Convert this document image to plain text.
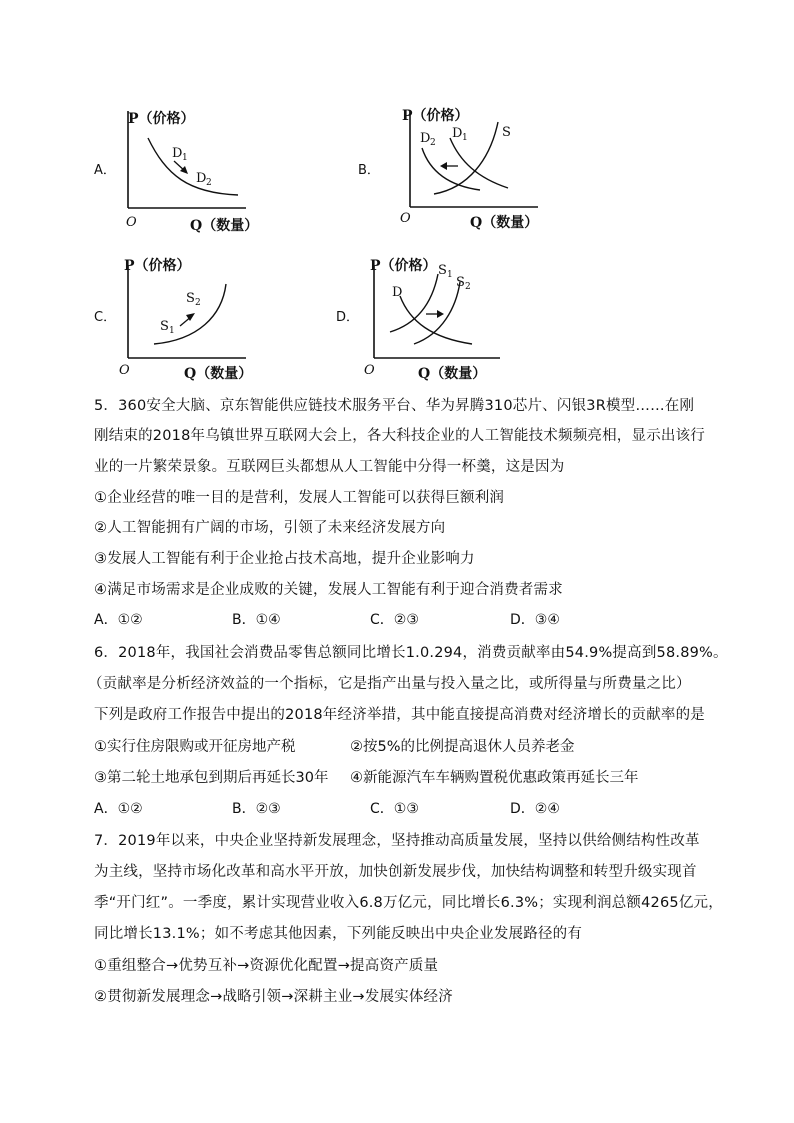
A．
P（价格）
Q（数量）
O
D 1
D 2
B．
P（价格）
Q（数量）
O
D 2
D 1	S
C．
P（价格）
Q（数量）
O
S 1
S 2
D．
P（价格）
Q（数量）
O
S 1 S 2
D
5．360安全大脑、京东智能供应链技术服务平台、华为昇腾310芯片、闪银3R模型……在刚
刚结束的2018年乌镇世界互联网大会上，各大科技企业的人工智能技术频频亮相，显示出该行
业的一片繁荣景象。互联网巨头都想从人工智能中分得一杯羹，这是因为
①企业经营的唯一目的是营利，发展人工智能可以获得巨额利润
②人工智能拥有广阔的市场，引领了未来经济发展方向
③发展人工智能有利于企业抢占技术高地，提升企业影响力
④满足市场需求是企业成败的关键，发展人工智能有利于迎合消费者需求
A．①②	B．①④	C．②③	D．③④
6．2018年，我国社会消费品零售总额同比增长1.0.294，消费贡献率由54.9%提高到58.89%。
（贡献率是分析经济效益的一个指标，它是指产出量与投入量之比，或所得量与所费量之比）
下列是政府工作报告中提出的2018年经济举措，其中能直接提高消费对经济增长的贡献率的是
①实行住房限购或开征房地产税	②按5%的比例提高退休人员养老金
③第二轮土地承包到期后再延长30年 ④新能源汽车车辆购置税优惠政策再延长三年
A．①②	B．②③	C．①③	D．②④
7．2019年以来，中央企业坚持新发展理念，坚持推动高质量发展，坚持以供给侧结构性改革
为主线，坚持市场化改革和高水平开放，加快创新发展步伐，加快结构调整和转型升级实现首
季“开门红”。一季度，累计实现营业收入6.8万亿元，同比增长6.3%；实现利润总额4265亿元，
同比增长13.1%；如不考虑其他因素，下列能反映出中央企业发展路径的有
①重组整合→优势互补→资源优化配置→提高资产质量
②贯彻新发展理念→战略引领→深耕主业→发展实体经济
